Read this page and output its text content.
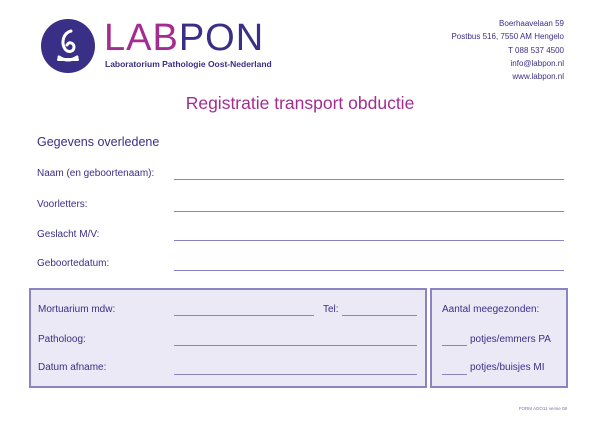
LABPON
Laboratorium Pathologie Oost-Nederland
Boerhaavelaan 59
Postbus 516, 7550 AM Hengelo
T 088 537 4500
info@labpon.nl
www.labpon.nl
Registratie transport obductie
Gegevens overledene
Naam (en geboortenaam):
Voorletters:
Geslacht M/V:
Geboortedatum:
Mortuarium mdw:	Tel:
Patholoog:
Datum afname:
Aantal meegezonden:
potjes/emmers PA
potjes/buisjes MI
FORM ADO11 versie 08
